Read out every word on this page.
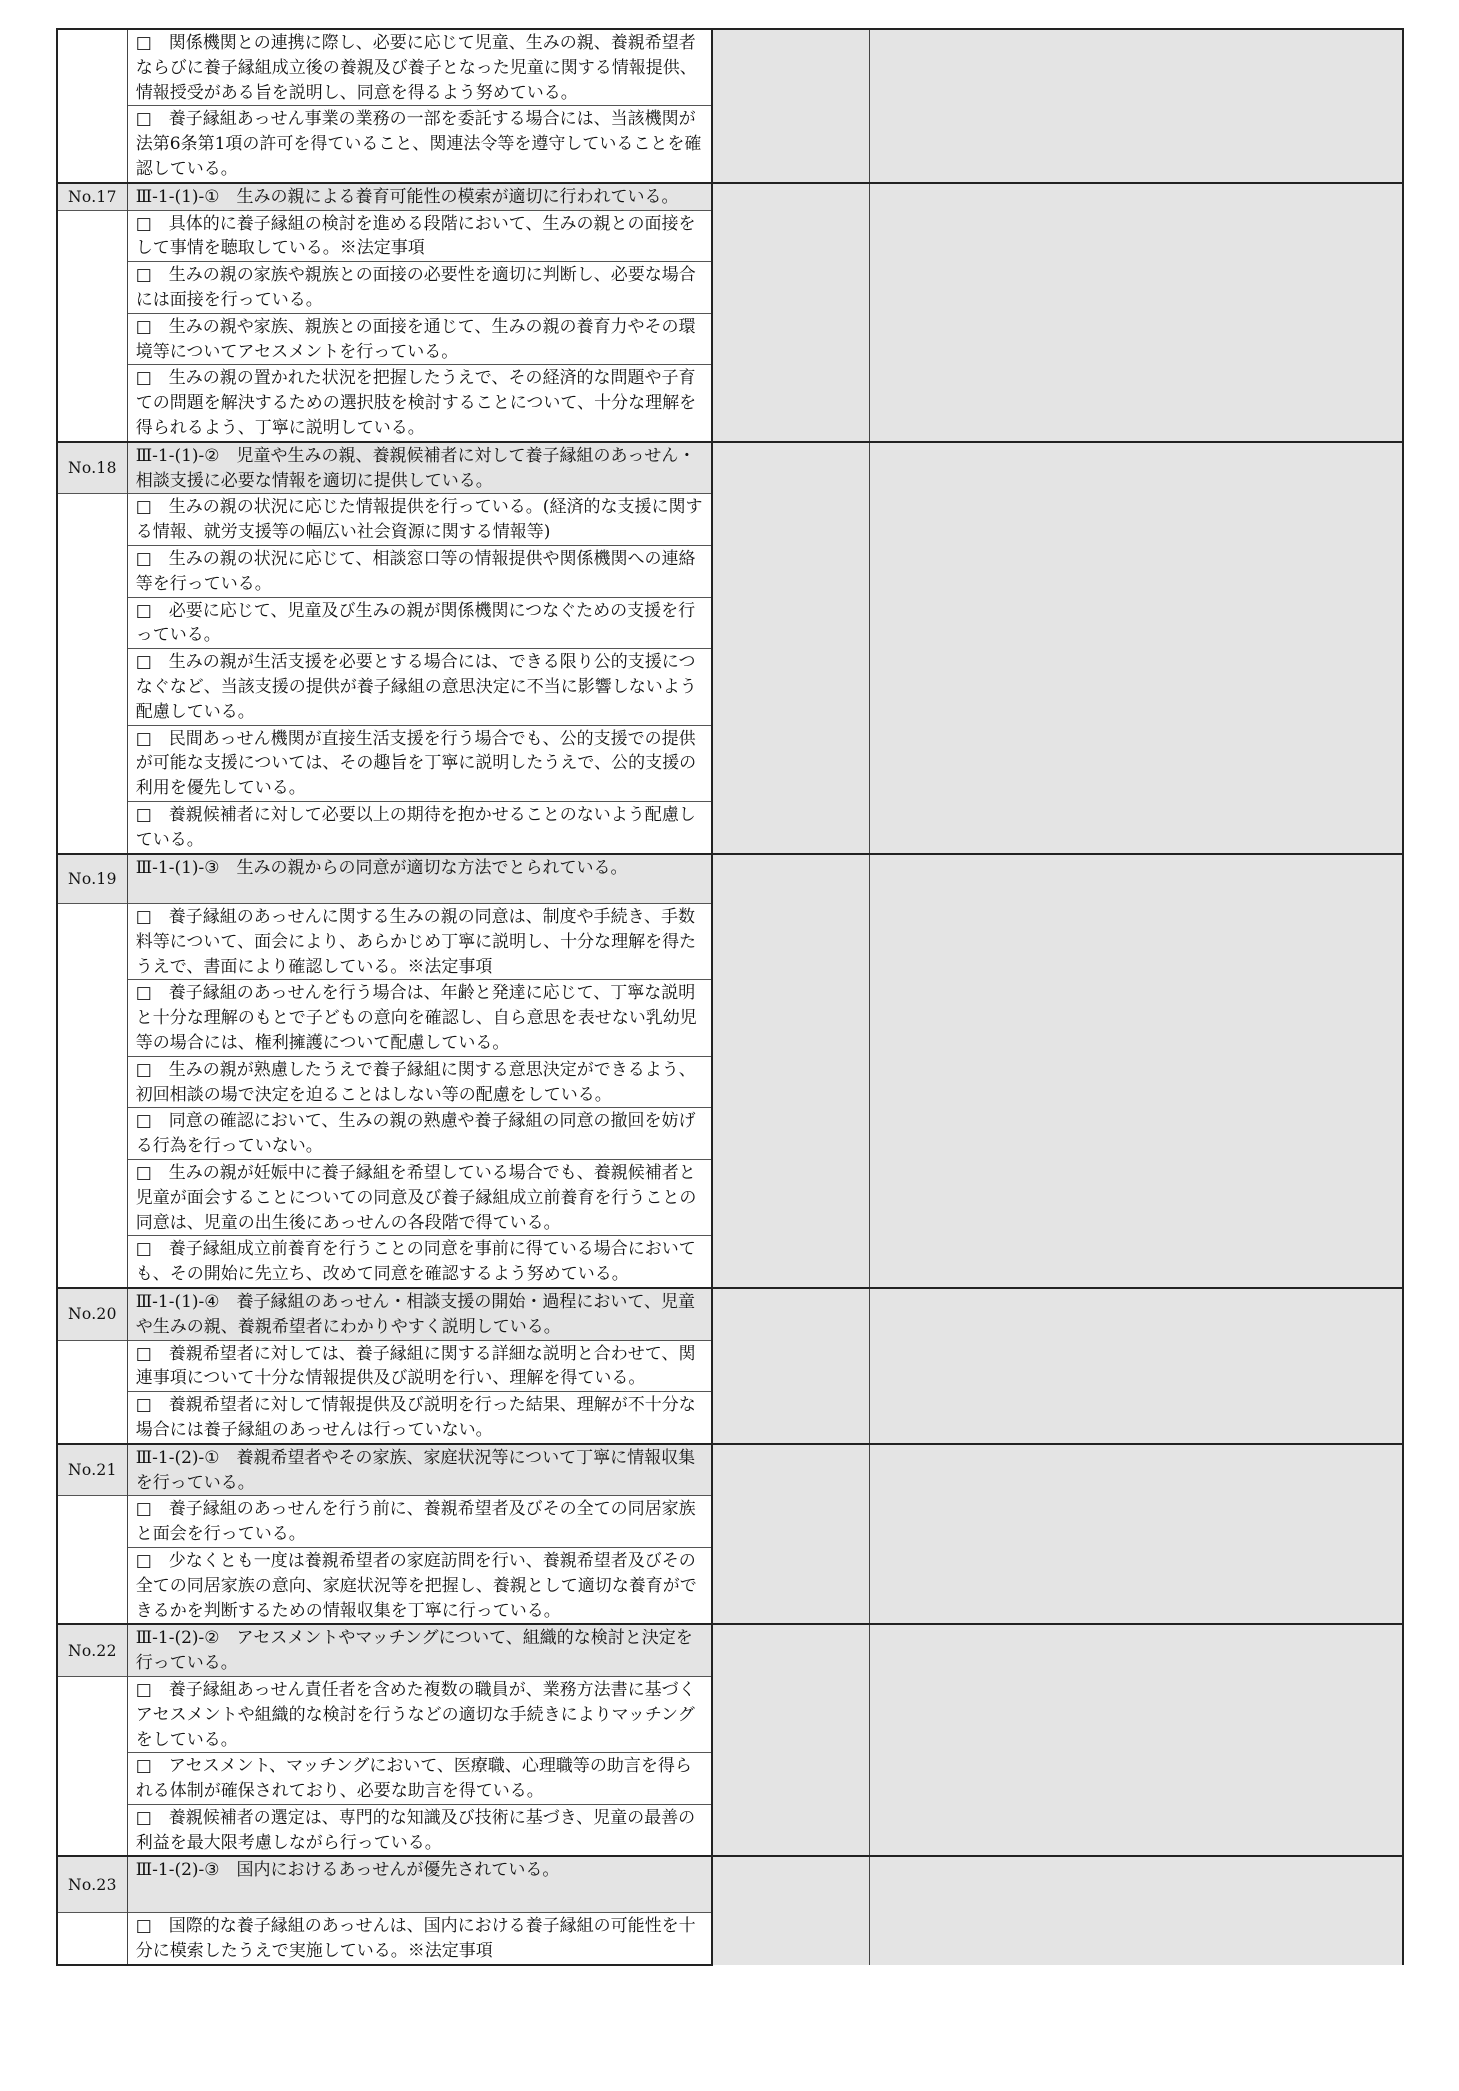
	□　関係機関との連携に際し、必要に応じて児童、生みの親、養親希望者ならびに養子縁組成立後の養親及び養子となった児童に関する情報提供、情報授受がある旨を説明し、同意を得るよう努めている。		

	□　養子縁組あっせん事業の業務の一部を委託する場合には、当該機関が法第6条第1項の許可を得ていること、関連法令等を遵守していることを確認している。		

No.17	Ⅲ-1-(1)-①　生みの親による養育可能性の模索が適切に行われている。		

	□　具体的に養子縁組の検討を進める段階において、生みの親との面接をして事情を聴取している。※法定事項		

	□　生みの親の家族や親族との面接の必要性を適切に判断し、必要な場合には面接を行っている。		

	□　生みの親や家族、親族との面接を通じて、生みの親の養育力やその環境等についてアセスメントを行っている。		

	□　生みの親の置かれた状況を把握したうえで、その経済的な問題や子育ての問題を解決するための選択肢を検討することについて、十分な理解を得られるよう、丁寧に説明している。		

No.18	Ⅲ-1-(1)-②　児童や生みの親、養親候補者に対して養子縁組のあっせん・相談支援に必要な情報を適切に提供している。		

	□　生みの親の状況に応じた情報提供を行っている。(経済的な支援に関する情報、就労支援等の幅広い社会資源に関する情報等)		

	□　生みの親の状況に応じて、相談窓口等の情報提供や関係機関への連絡等を行っている。		

	□　必要に応じて、児童及び生みの親が関係機関につなぐための支援を行っている。		

	□　生みの親が生活支援を必要とする場合には、できる限り公的支援につなぐなど、当該支援の提供が養子縁組の意思決定に不当に影響しないよう配慮している。		

	□　民間あっせん機関が直接生活支援を行う場合でも、公的支援での提供が可能な支援については、その趣旨を丁寧に説明したうえで、公的支援の利用を優先している。		

	□　養親候補者に対して必要以上の期待を抱かせることのないよう配慮している。		

No.19	Ⅲ-1-(1)-③　生みの親からの同意が適切な方法でとられている。		

	□　養子縁組のあっせんに関する生みの親の同意は、制度や手続き、手数料等について、面会により、あらかじめ丁寧に説明し、十分な理解を得たうえで、書面により確認している。※法定事項		

	□　養子縁組のあっせんを行う場合は、年齢と発達に応じて、丁寧な説明と十分な理解のもとで子どもの意向を確認し、自ら意思を表せない乳幼児等の場合には、権利擁護について配慮している。		

	□　生みの親が熟慮したうえで養子縁組に関する意思決定ができるよう、初回相談の場で決定を迫ることはしない等の配慮をしている。		

	□　同意の確認において、生みの親の熟慮や養子縁組の同意の撤回を妨げる行為を行っていない。		

	□　生みの親が妊娠中に養子縁組を希望している場合でも、養親候補者と児童が面会することについての同意及び養子縁組成立前養育を行うことの同意は、児童の出生後にあっせんの各段階で得ている。		

	□　養子縁組成立前養育を行うことの同意を事前に得ている場合においても、その開始に先立ち、改めて同意を確認するよう努めている。		

No.20	Ⅲ-1-(1)-④　養子縁組のあっせん・相談支援の開始・過程において、児童や生みの親、養親希望者にわかりやすく説明している。		

	□　養親希望者に対しては、養子縁組に関する詳細な説明と合わせて、関連事項について十分な情報提供及び説明を行い、理解を得ている。		

	□　養親希望者に対して情報提供及び説明を行った結果、理解が不十分な場合には養子縁組のあっせんは行っていない。		

No.21	Ⅲ-1-(2)-①　養親希望者やその家族、家庭状況等について丁寧に情報収集を行っている。		

	□　養子縁組のあっせんを行う前に、養親希望者及びその全ての同居家族と面会を行っている。		

	□　少なくとも一度は養親希望者の家庭訪問を行い、養親希望者及びその全ての同居家族の意向、家庭状況等を把握し、養親として適切な養育ができるかを判断するための情報収集を丁寧に行っている。		

No.22	Ⅲ-1-(2)-②　アセスメントやマッチングについて、組織的な検討と決定を行っている。		

	□　養子縁組あっせん責任者を含めた複数の職員が、業務方法書に基づくアセスメントや組織的な検討を行うなどの適切な手続きによりマッチングをしている。		

	□　アセスメント、マッチングにおいて、医療職、心理職等の助言を得られる体制が確保されており、必要な助言を得ている。		

	□　養親候補者の選定は、専門的な知識及び技術に基づき、児童の最善の利益を最大限考慮しながら行っている。		

No.23	Ⅲ-1-(2)-③　国内におけるあっせんが優先されている。		

	□　国際的な養子縁組のあっせんは、国内における養子縁組の可能性を十分に模索したうえで実施している。※法定事項		
